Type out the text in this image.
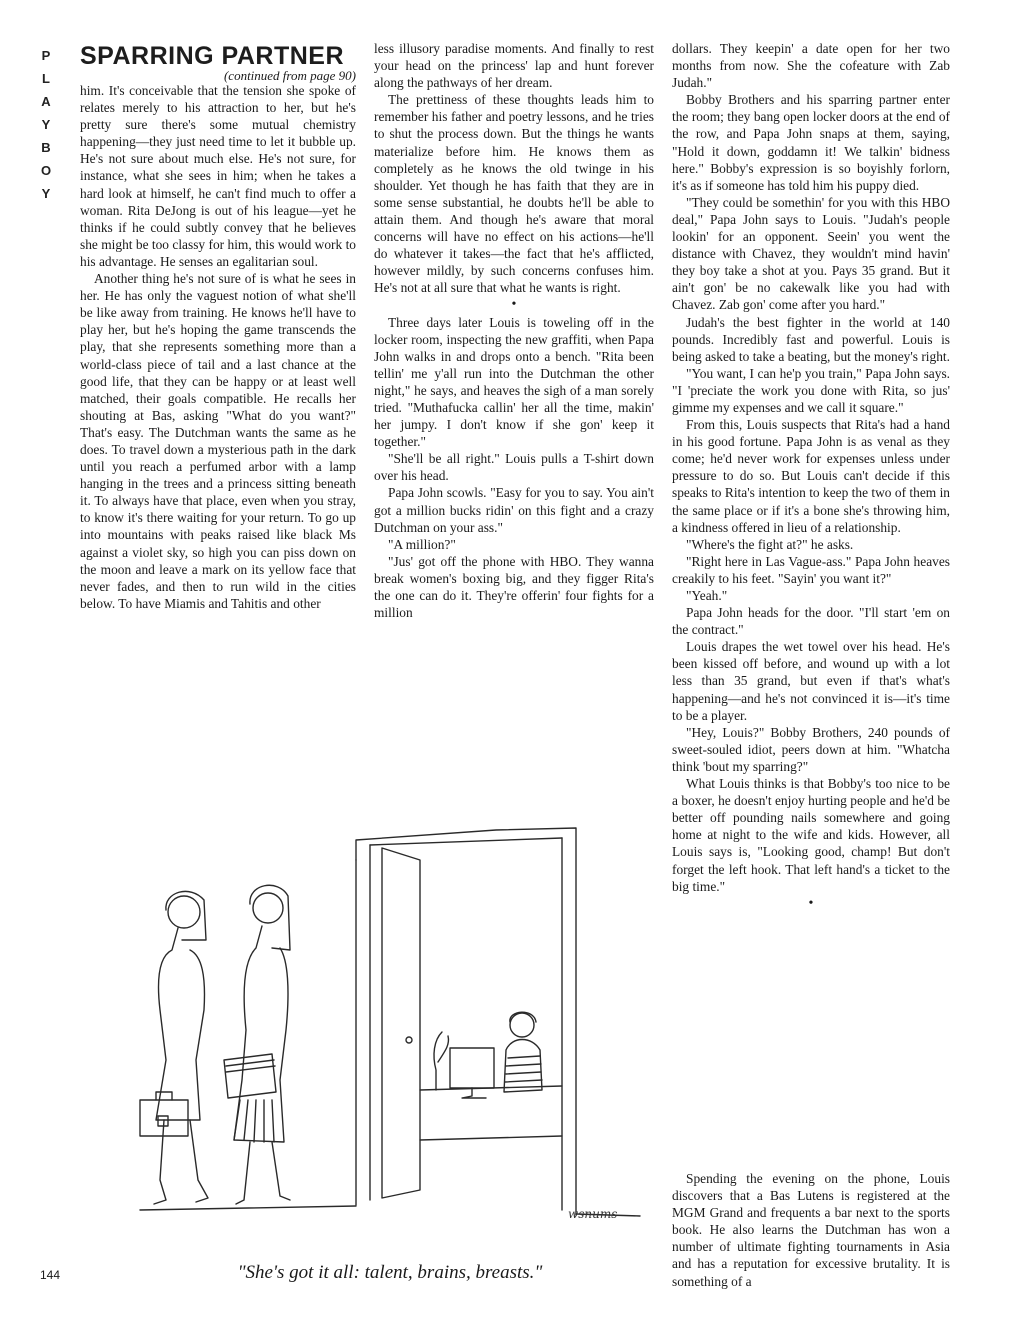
P
L
A
Y
B
O
Y
SPARRING PARTNER
(continued from page 90)

him. It's conceivable that the tension she spoke of relates merely to his attraction to her, but he's pretty sure there's some mutual chemistry happening—they just need time to let it bubble up. He's not sure about much else. He's not sure, for instance, what she sees in him; when he takes a hard look at himself, he can't find much to offer a woman. Rita DeJong is out of his league—yet he thinks if he could subtly convey that he believes she might be too classy for him, this would work to his advantage. He senses an egalitarian soul.

Another thing he's not sure of is what he sees in her. He has only the vaguest notion of what she'll be like away from training. He knows he'll have to play her, but he's hoping the game transcends the play, that she represents something more than a world-class piece of tail and a last chance at the good life, that they can be happy or at least well matched, their goals compatible. He recalls her shouting at Bas, asking "What do you want?" That's easy. The Dutchman wants the same as he does. To travel down a mysterious path in the dark until you reach a perfumed arbor with a lamp hanging in the trees and a princess sitting beneath it. To always have that place, even when you stray, to know it's there waiting for your return. To go up into mountains with peaks raised like black Ms against a violet sky, so high you can piss down on the moon and leave a mark on its yellow face that never fades, and then to run wild in the cities below. To have Miamis and Tahitis and other

less illusory paradise moments. And finally to rest your head on the princess' lap and hunt forever along the pathways of her dream.

The prettiness of these thoughts leads him to remember his father and poetry lessons, and he tries to shut the process down. But the things he wants materialize before him. He knows them as completely as he knows the old twinge in his shoulder. Yet though he has faith that they are in some sense substantial, he doubts he'll be able to attain them. And though he's aware that moral concerns will have no effect on his actions—he'll do whatever it takes—the fact that he's afflicted, however mildly, by such concerns confuses him. He's not at all sure that what he wants is right.

•

Three days later Louis is toweling off in the locker room, inspecting the new graffiti, when Papa John walks in and drops onto a bench. "Rita been tellin' me y'all run into the Dutchman the other night," he says, and heaves the sigh of a man sorely tried. "Muthafucka callin' her all the time, makin' her jumpy. I don't know if she gon' keep it together."

"She'll be all right." Louis pulls a T-shirt down over his head.

Papa John scowls. "Easy for you to say. You ain't got a million bucks ridin' on this fight and a crazy Dutchman on your ass."

"A million?"

"Jus' got off the phone with HBO. They wanna break women's boxing big, and they figger Rita's the one can do it. They're offerin' four fights for a million

dollars. They keepin' a date open for her two months from now. She the cofeature with Zab Judah."

Bobby Brothers and his sparring partner enter the room; they bang open locker doors at the end of the row, and Papa John snaps at them, saying, "Hold it down, goddamn it! We talkin' bidness here." Bobby's expression is so boyishly forlorn, it's as if someone has told him his puppy died.

"They could be somethin' for you with this HBO deal," Papa John says to Louis. "Judah's people lookin' for an opponent. Seein' you went the distance with Chavez, they wouldn't mind havin' they boy take a shot at you. Pays 35 grand. But it ain't gon' be no cakewalk like you had with Chavez. Zab gon' come after you hard."

Judah's the best fighter in the world at 140 pounds. Incredibly fast and powerful. Louis is being asked to take a beating, but the money's right.

"You want, I can he'p you train," Papa John says. "I 'preciate the work you done with Rita, so jus' gimme my expenses and we call it square."

From this, Louis suspects that Rita's had a hand in his good fortune. Papa John is as venal as they come; he'd never work for expenses unless under pressure to do so. But Louis can't decide if this speaks to Rita's intention to keep the two of them in the same place or if it's a bone she's throwing him, a kindness offered in lieu of a relationship.

"Where's the fight at?" he asks.

"Right here in Las Vague-ass." Papa John heaves creakily to his feet. "Sayin' you want it?"

"Yeah."

Papa John heads for the door. "I'll start 'em on the contract."

Louis drapes the wet towel over his head. He's been kissed off before, and wound up with a lot less than 35 grand, but even if that's what's happening—and he's not convinced it is—it's time to be a player.

"Hey, Louis?" Bobby Brothers, 240 pounds of sweet-souled idiot, peers down at him. "Whatcha think 'bout my sparring?"

What Louis thinks is that Bobby's too nice to be a boxer, he doesn't enjoy hurting people and he'd be better off pounding nails somewhere and going home at night to the wife and kids. However, all Louis says is, "Looking good, champ! But don't forget the left hook. That left hand's a ticket to the big time."

•

Spending the evening on the phone, Louis discovers that a Bas Lutens is registered at the MGM Grand and frequents a bar next to the sports book. He also learns the Dutchman has won a number of ultimate fighting tournaments in Asia and has a reputation for excessive brutality. It is something of a

wsnums
"She's got it all: talent, brains, breasts."
144
